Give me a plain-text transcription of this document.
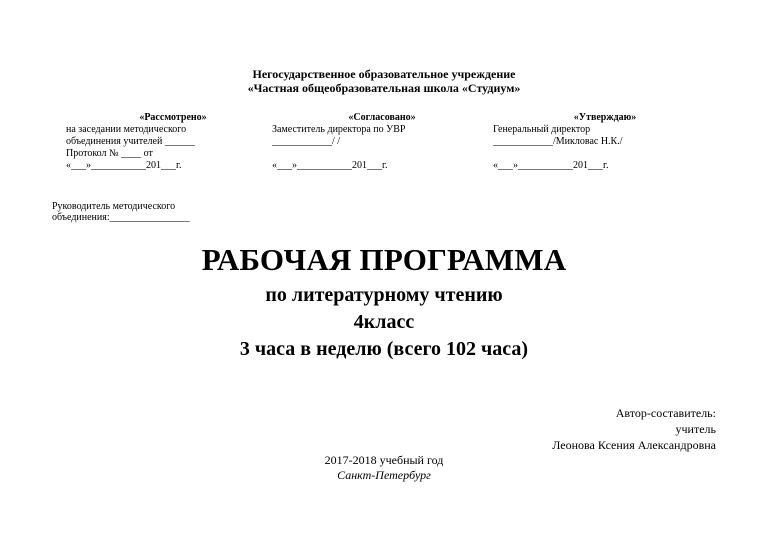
Негосударственное образовательное учреждение
«Частная общеобразовательная школа «Студиум»
«Рассмотрено»
на заседании методического
объединения учителей ______
Протокол № ____ от
«___»___________201___г.
«Согласовано»
Заместитель директора по УВР
____________/ /
«___»___________201___г.
«Утверждаю»
Генеральный директор
____________/Микловас Н.К./
«___»___________201___г.
Руководитель методического
объединения:________________
РАБОЧАЯ ПРОГРАММА
по литературному чтению
4класс
3 часа в неделю (всего 102 часа)
Автор-составитель:
учитель
Леонова Ксения Александровна
2017-2018 учебный год
Санкт-Петербург
